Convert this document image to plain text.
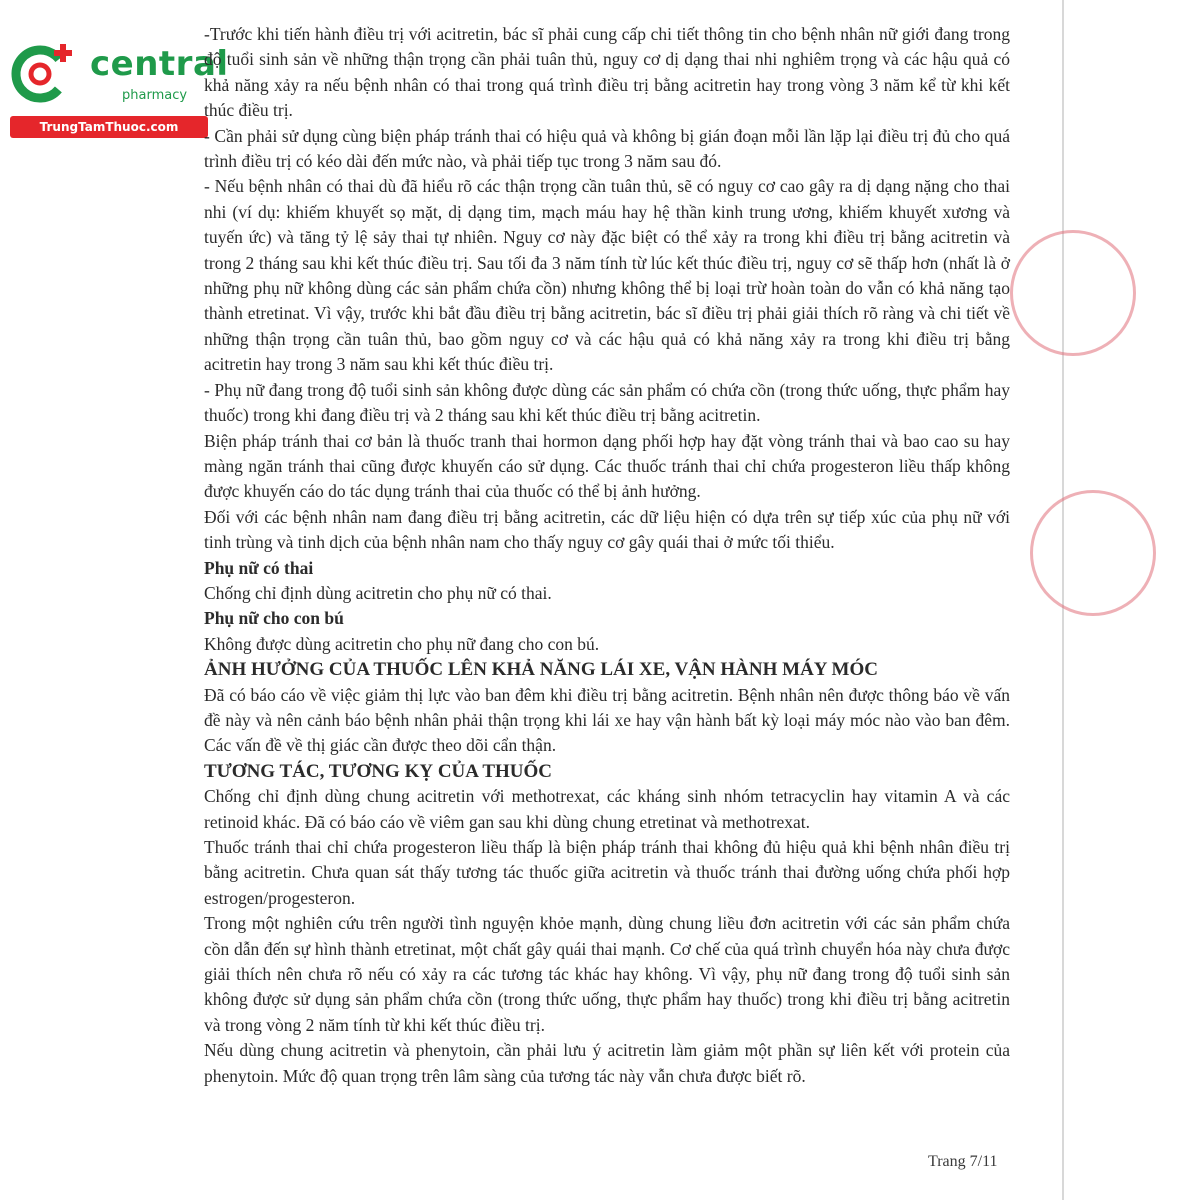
central
pharmacy
TrungTamThuoc.com

-Trước khi tiến hành điều trị với acitretin, bác sĩ phải cung cấp chi tiết thông tin cho bệnh nhân nữ giới đang trong độ tuổi sinh sản về những thận trọng cần phải tuân thủ, nguy cơ dị dạng thai nhi nghiêm trọng và các hậu quả có khả năng xảy ra nếu bệnh nhân có thai trong quá trình điều trị bằng acitretin hay trong vòng 3 năm kể từ khi kết thúc điều trị.

- Cần phải sử dụng cùng biện pháp tránh thai có hiệu quả và không bị gián đoạn mỗi lần lặp lại điều trị đủ cho quá trình điều trị có kéo dài đến mức nào, và phải tiếp tục trong 3 năm sau đó.

- Nếu bệnh nhân có thai dù đã hiểu rõ các thận trọng cần tuân thủ, sẽ có nguy cơ cao gây ra dị dạng nặng cho thai nhi (ví dụ: khiếm khuyết sọ mặt, dị dạng tim, mạch máu hay hệ thần kinh trung ương, khiếm khuyết xương và tuyến ức) và tăng tỷ lệ sảy thai tự nhiên. Nguy cơ này đặc biệt có thể xảy ra trong khi điều trị bằng acitretin và trong 2 tháng sau khi kết thúc điều trị. Sau tối đa 3 năm tính từ lúc kết thúc điều trị, nguy cơ sẽ thấp hơn (nhất là ở những phụ nữ không dùng các sản phẩm chứa cồn) nhưng không thể bị loại trừ hoàn toàn do vẫn có khả năng tạo thành etretinat. Vì vậy, trước khi bắt đầu điều trị bằng acitretin, bác sĩ điều trị phải giải thích rõ ràng và chi tiết về những thận trọng cần tuân thủ, bao gồm nguy cơ và các hậu quả có khả năng xảy ra trong khi điều trị bằng acitretin hay trong 3 năm sau khi kết thúc điều trị.

- Phụ nữ đang trong độ tuổi sinh sản không được dùng các sản phẩm có chứa cồn (trong thức uống, thực phẩm hay thuốc) trong khi đang điều trị và 2 tháng sau khi kết thúc điều trị bằng acitretin.

Biện pháp tránh thai cơ bản là thuốc tranh thai hormon dạng phối hợp hay đặt vòng tránh thai và bao cao su hay màng ngăn tránh thai cũng được khuyến cáo sử dụng. Các thuốc tránh thai chỉ chứa progesteron liều thấp không được khuyến cáo do tác dụng tránh thai của thuốc có thể bị ảnh hưởng.

Đối với các bệnh nhân nam đang điều trị bằng acitretin, các dữ liệu hiện có dựa trên sự tiếp xúc của phụ nữ với tinh trùng và tinh dịch của bệnh nhân nam cho thấy nguy cơ gây quái thai ở mức tối thiểu.

Phụ nữ có thai

Chống chỉ định dùng acitretin cho phụ nữ có thai.

Phụ nữ cho con bú

Không được dùng acitretin cho phụ nữ đang cho con bú.

ẢNH HƯỞNG CỦA THUỐC LÊN KHẢ NĂNG LÁI XE, VẬN HÀNH MÁY MÓC

Đã có báo cáo về việc giảm thị lực vào ban đêm khi điều trị bằng acitretin. Bệnh nhân nên được thông báo về vấn đề này và nên cảnh báo bệnh nhân phải thận trọng khi lái xe hay vận hành bất kỳ loại máy móc nào vào ban đêm. Các vấn đề về thị giác cần được theo dõi cẩn thận.

TƯƠNG TÁC, TƯƠNG KỴ CỦA THUỐC

Chống chỉ định dùng chung acitretin với methotrexat, các kháng sinh nhóm tetracyclin hay vitamin A và các retinoid khác. Đã có báo cáo về viêm gan sau khi dùng chung etretinat và methotrexat.

Thuốc tránh thai chỉ chứa progesteron liều thấp là biện pháp tránh thai không đủ hiệu quả khi bệnh nhân điều trị bằng acitretin. Chưa quan sát thấy tương tác thuốc giữa acitretin và thuốc tránh thai đường uống chứa phối hợp estrogen/progesteron.

Trong một nghiên cứu trên người tình nguyện khỏe mạnh, dùng chung liều đơn acitretin với các sản phẩm chứa cồn dẫn đến sự hình thành etretinat, một chất gây quái thai mạnh. Cơ chế của quá trình chuyển hóa này chưa được giải thích nên chưa rõ nếu có xảy ra các tương tác khác hay không. Vì vậy, phụ nữ đang trong độ tuổi sinh sản không được sử dụng sản phẩm chứa cồn (trong thức uống, thực phẩm hay thuốc) trong khi điều trị bằng acitretin và trong vòng 2 năm tính từ khi kết thúc điều trị.

Nếu dùng chung acitretin và phenytoin, cần phải lưu ý acitretin làm giảm một phần sự liên kết với protein của phenytoin. Mức độ quan trọng trên lâm sàng của tương tác này vẫn chưa được biết rõ.

Trang 7/11
